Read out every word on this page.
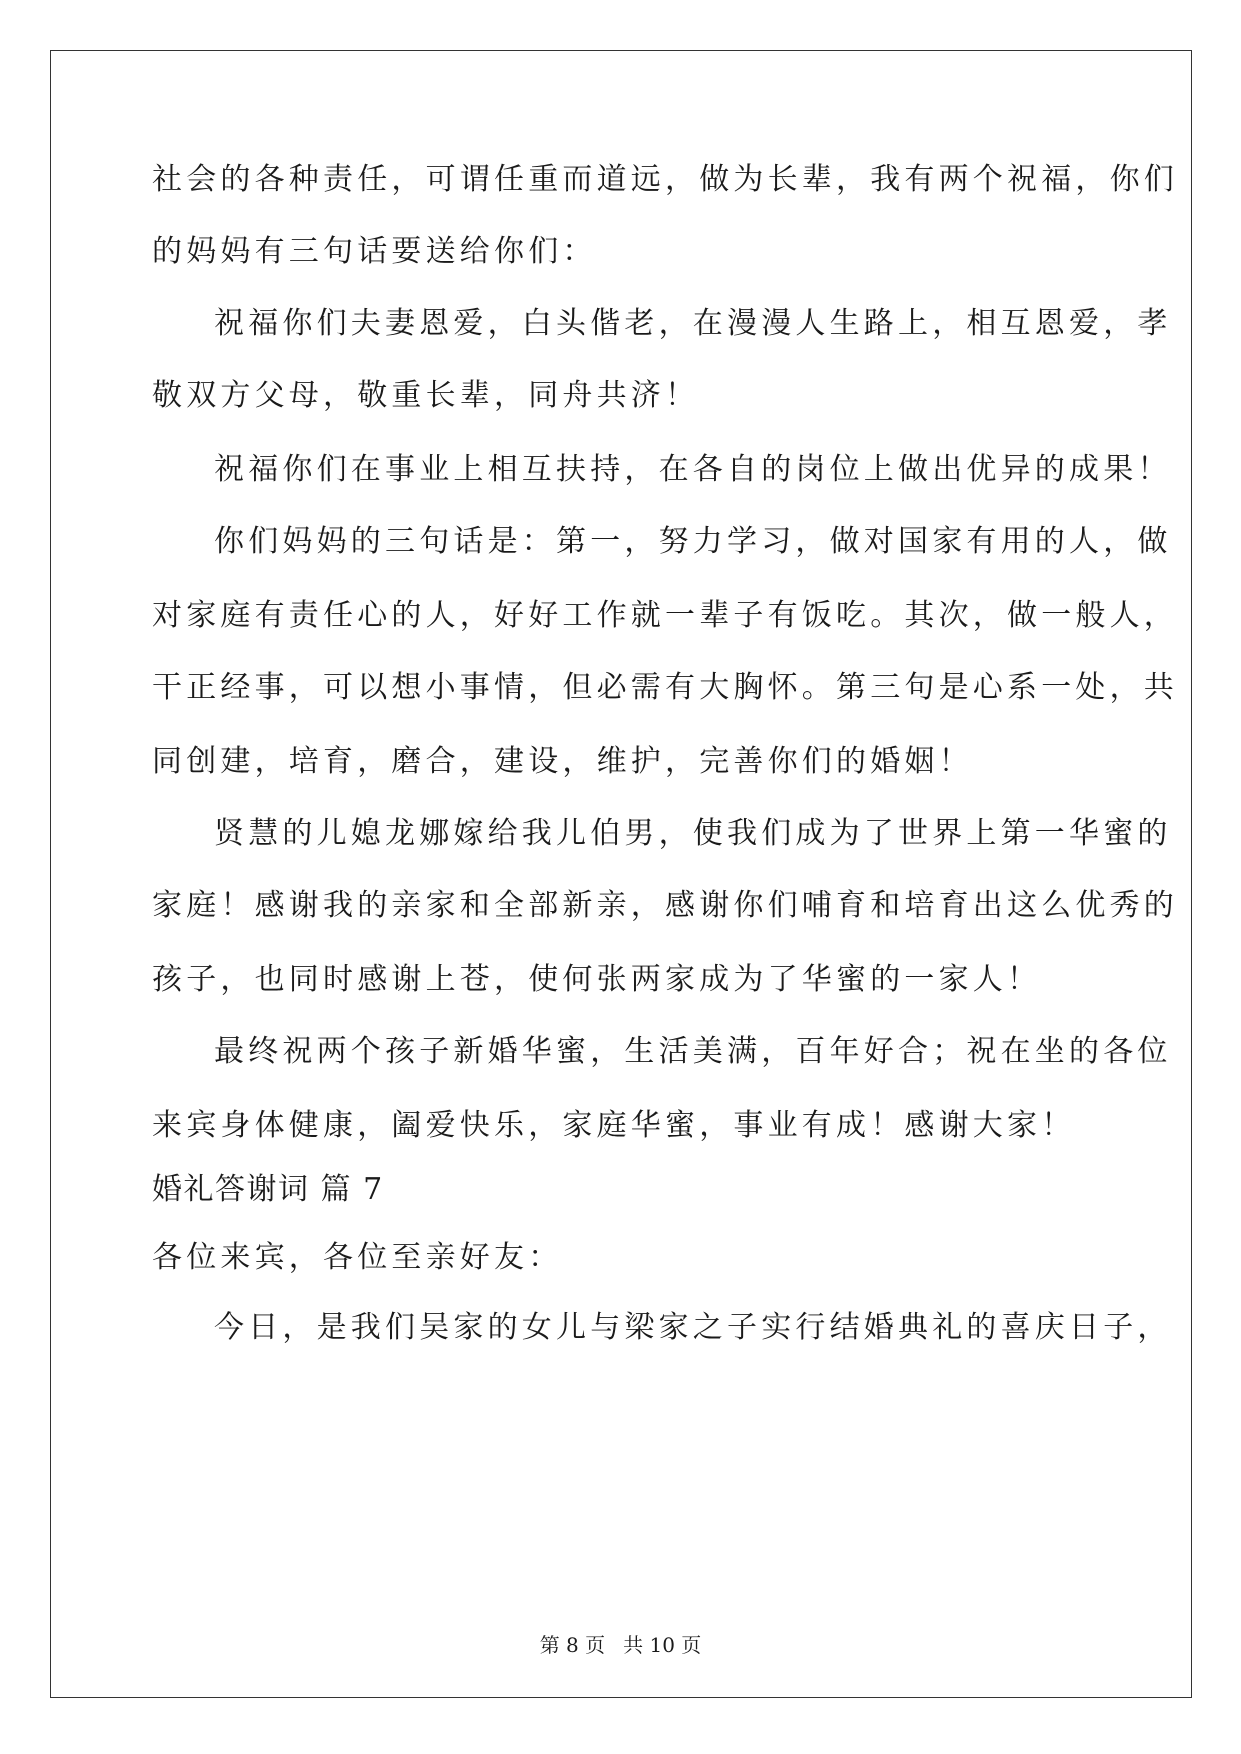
社会的各种责任，可谓任重而道远，做为长辈，我有两个祝福，你们
的妈妈有三句话要送给你们：
祝福你们夫妻恩爱，白头偕老，在漫漫人生路上，相互恩爱，孝
敬双方父母，敬重长辈，同舟共济！
祝福你们在事业上相互扶持，在各自的岗位上做出优异的成果！
你们妈妈的三句话是：第一，努力学习，做对国家有用的人，做
对家庭有责任心的人，好好工作就一辈子有饭吃。其次，做一般人，
干正经事，可以想小事情，但必需有大胸怀。第三句是心系一处，共
同创建，培育，磨合，建设，维护，完善你们的婚姻！
贤慧的儿媳龙娜嫁给我儿伯男，使我们成为了世界上第一华蜜的
家庭！感谢我的亲家和全部新亲，感谢你们哺育和培育出这么优秀的
孩子，也同时感谢上苍，使何张两家成为了华蜜的一家人！
最终祝两个孩子新婚华蜜，生活美满，百年好合；祝在坐的各位
来宾身体健康，阖爱快乐，家庭华蜜，事业有成！感谢大家！
婚礼答谢词 篇 7
各位来宾，各位至亲好友：
今日，是我们吴家的女儿与梁家之子实行结婚典礼的喜庆日子，
第 8 页 共 10 页
